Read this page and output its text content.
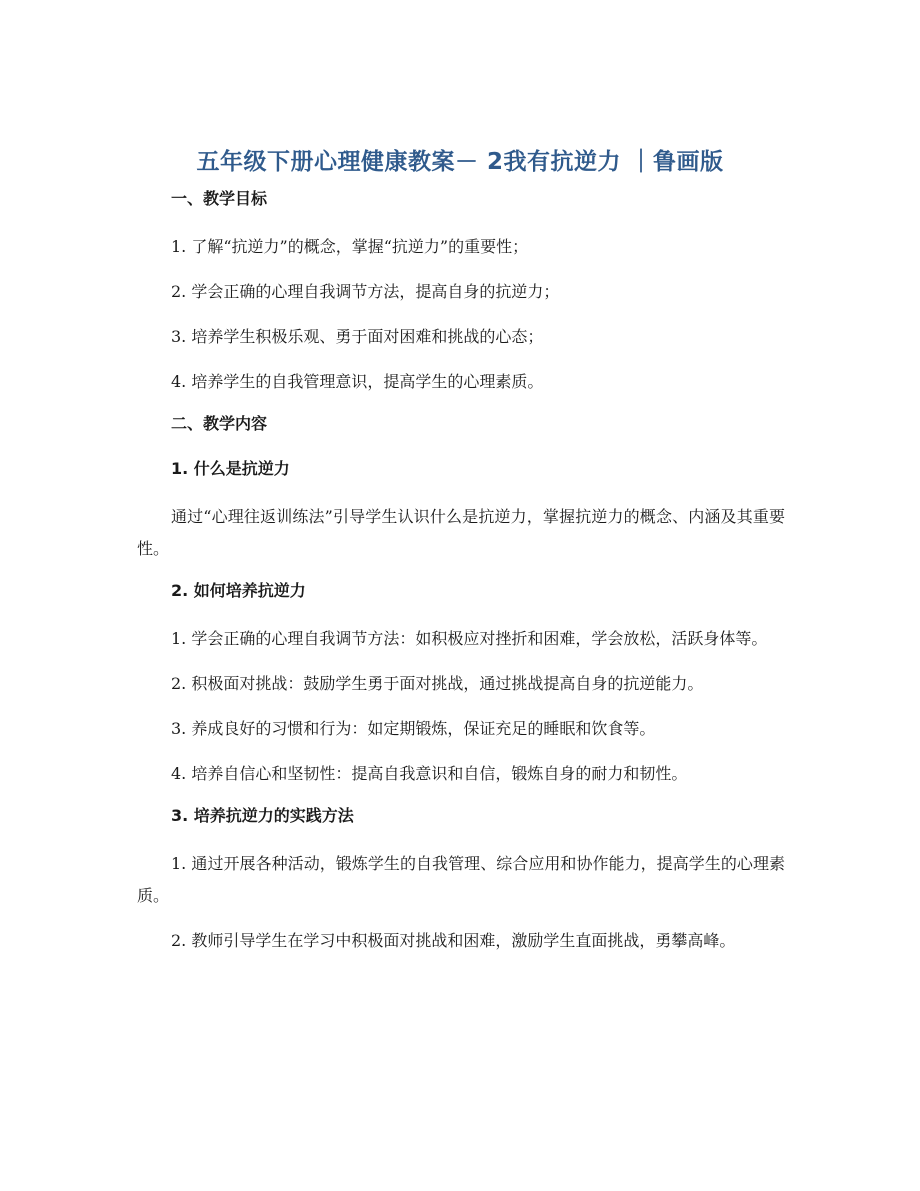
五年级下册心理健康教案－ 2我有抗逆力 ｜鲁画版
一、教学目标
1. 了解“抗逆力”的概念，掌握“抗逆力”的重要性；
2. 学会正确的心理自我调节方法，提高自身的抗逆力；
3. 培养学生积极乐观、勇于面对困难和挑战的心态；
4. 培养学生的自我管理意识，提高学生的心理素质。
二、教学内容
1. 什么是抗逆力
通过“心理往返训练法”引导学生认识什么是抗逆力，掌握抗逆力的概念、内涵及其重要性。
2. 如何培养抗逆力
1. 学会正确的心理自我调节方法：如积极应对挫折和困难，学会放松，活跃身体等。
2. 积极面对挑战：鼓励学生勇于面对挑战，通过挑战提高自身的抗逆能力。
3. 养成良好的习惯和行为：如定期锻炼，保证充足的睡眠和饮食等。
4. 培养自信心和坚韧性：提高自我意识和自信，锻炼自身的耐力和韧性。
3. 培养抗逆力的实践方法
1. 通过开展各种活动，锻炼学生的自我管理、综合应用和协作能力，提高学生的心理素质。
2. 教师引导学生在学习中积极面对挑战和困难，激励学生直面挑战，勇攀高峰。
